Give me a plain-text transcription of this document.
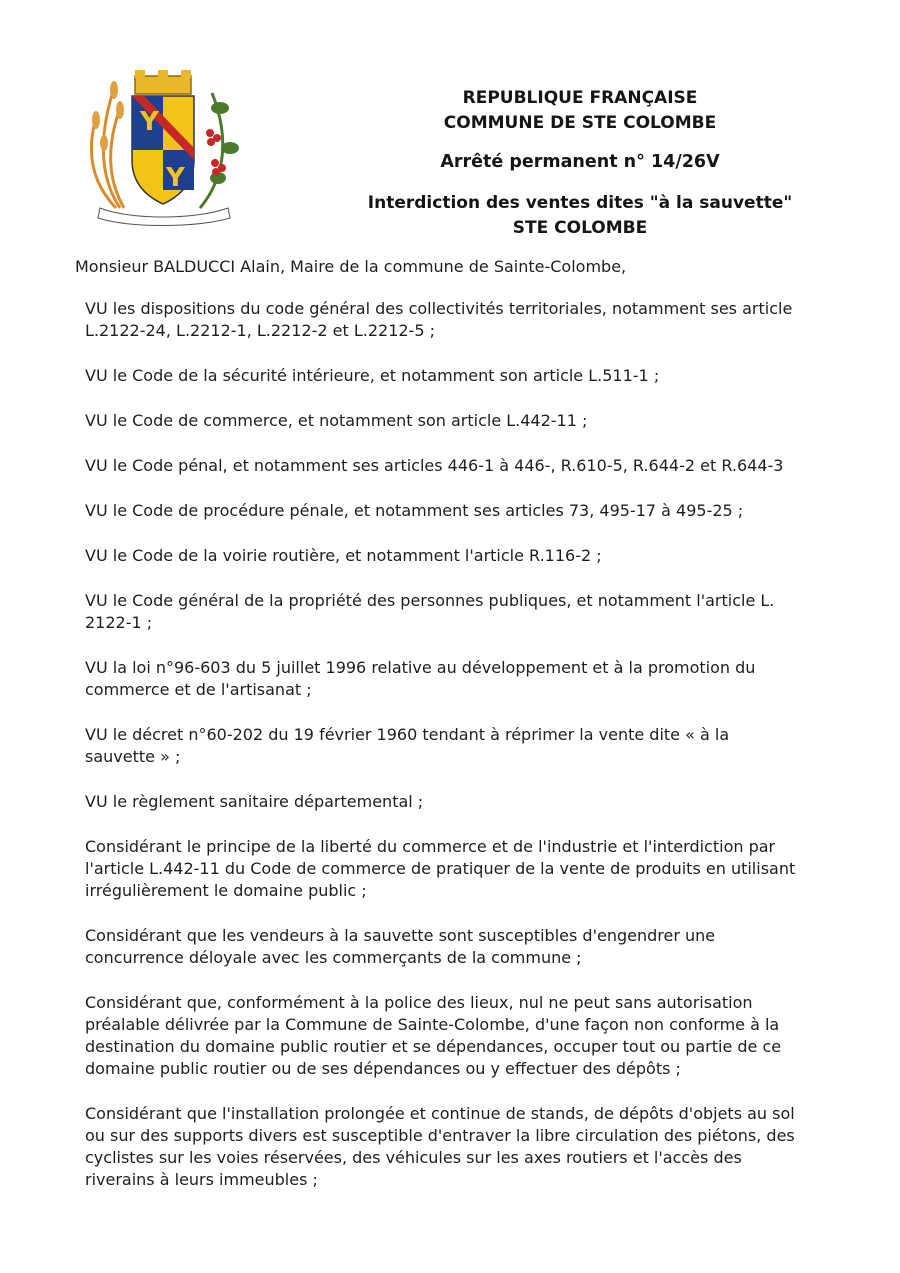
Y
Y
REPUBLIQUE FRANÇAISE
COMMUNE DE STE COLOMBE
Arrêté permanent n° 14/26V
Interdiction des ventes dites "à la sauvette"
STE COLOMBE
Monsieur BALDUCCI Alain, Maire de la commune de Sainte-Colombe,
VU les dispositions du code général des collectivités territoriales, notamment ses article
L.2122-24, L.2212-1, L.2212-2 et L.2212-5 ;
VU le Code de la sécurité intérieure, et notamment son article L.511-1 ;
VU le Code de commerce, et notamment son article L.442-11 ;
VU le Code pénal, et notamment ses articles 446-1 à 446-, R.610-5, R.644-2 et R.644-3
VU le Code de procédure pénale, et notamment ses articles 73, 495-17 à 495-25 ;
VU le Code de la voirie routière, et notamment l'article R.116-2 ;
VU le Code général de la propriété des personnes publiques, et notamment l'article L.
2122-1 ;
VU la loi n°96-603 du 5 juillet 1996 relative au développement et à la promotion du
commerce et de l'artisanat ;
VU le décret n°60-202 du 19 février 1960 tendant à réprimer la vente dite « à la
sauvette » ;
VU le règlement sanitaire départemental ;
Considérant le principe de la liberté du commerce et de l'industrie et l'interdiction par
l'article L.442-11 du Code de commerce de pratiquer de la vente de produits en utilisant
irrégulièrement le domaine public ;
Considérant que les vendeurs à la sauvette sont susceptibles d'engendrer une
concurrence déloyale avec les commerçants de la commune ;
Considérant que, conformément à la police des lieux, nul ne peut sans autorisation
préalable délivrée par la Commune de Sainte-Colombe, d'une façon non conforme à la
destination du domaine public routier et se dépendances, occuper tout ou partie de ce
domaine public routier ou de ses dépendances ou y effectuer des dépôts ;
Considérant que l'installation prolongée et continue de stands, de dépôts d'objets au sol
ou sur des supports divers est susceptible d'entraver la libre circulation des piétons, des
cyclistes sur les voies réservées, des véhicules sur les axes routiers et l'accès des
riverains à leurs immeubles ;
